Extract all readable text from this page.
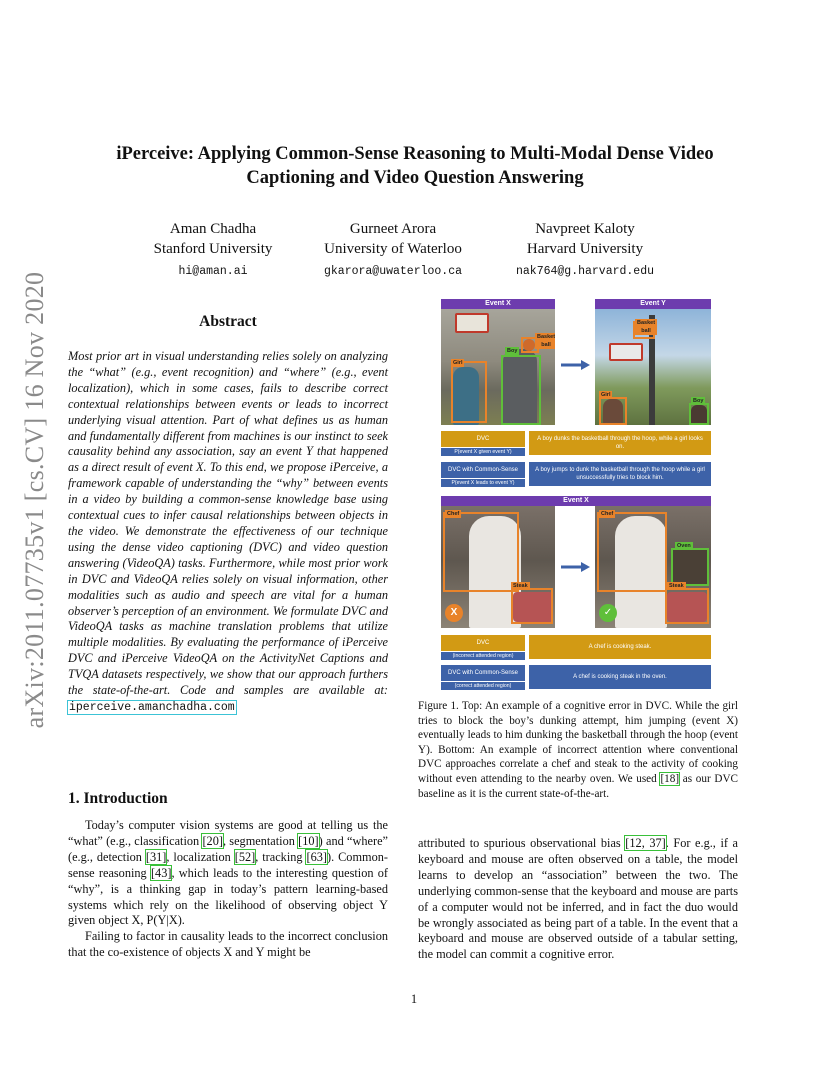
arXiv:2011.07735v1 [cs.CV] 16 Nov 2020
iPerceive: Applying Common-Sense Reasoning to Multi-Modal Dense Video
Captioning and Video Question Answering
Aman Chadha
Stanford University
hi@aman.ai
Gurneet Arora
University of Waterloo
gkarora@uwaterloo.ca
Navpreet Kaloty
Harvard University
nak764@g.harvard.edu
Abstract
Most prior art in visual understanding relies solely on analyzing the “what” (e.g., event recognition) and “where” (e.g., event localization), which in some cases, fails to describe correct contextual relationships between events or leads to incorrect underlying visual attention. Part of what defines us as human and fundamentally different from machines is our instinct to seek causality behind any association, say an event Y that happened as a direct result of event X. To this end, we propose iPerceive, a framework capable of understanding the “why” between events in a video by building a common-sense knowledge base using contextual cues to infer causal relationships between objects in the video. We demonstrate the effectiveness of our technique using the dense video captioning (DVC) and video question answering (VideoQA) tasks. Furthermore, while most prior work in DVC and VideoQA relies solely on visual information, other modalities such as audio and speech are vital for a human observer’s perception of an environment. We formulate DVC and VideoQA tasks as machine translation problems that utilize multiple modalities. By evaluating the performance of iPerceive DVC and iPerceive VideoQA on the ActivityNet Captions and TVQA datasets respectively, we show that our approach furthers the state-of-the-art. Code and samples are available at: iperceive.amanchadha.com
1. Introduction

Today’s computer vision systems are good at telling us the “what” (e.g., classification [20], segmentation [10]) and “where” (e.g., detection [31], localization [52], tracking [63]). Common-sense reasoning [43], which leads to the interesting question of “why”, is a thinking gap in today’s pattern learning-based systems which rely on the likelihood of observing object Y given object X, P(Y|X).

Failing to factor in causality leads to the incorrect conclusion that the co-existence of objects X and Y might be

attributed to spurious observational bias [12, 37]. For e.g., if a keyboard and mouse are often observed on a table, the model learns to develop an “association” between the two. The underlying common-sense that the keyboard and mouse are parts of a computer would not be inferred, and in fact the duo would be wrongly associated as being part of a table. In the event that a keyboard and mouse are observed outside of a tabular setting, the model can commit a cognitive error.
Event X	Event Y
Girl
Boy
Basket ball
Basket ball
Girl
Boy
DVC
P(event X given event Y)
A boy dunks the basketball through the hoop, while a girl looks on.
DVC with Common-Sense
P(event X leads to event Y)
A boy jumps to dunk the basketball through the hoop while a girl unsuccessfully tries to block him.
Event X
Chef
Steak
X
Chef
Oven
Steak
✓
DVC
(incorrect attended region)
A chef is cooking steak.
DVC with Common-Sense
(correct attended region)
A chef is cooking steak in the oven.
Figure 1. Top: An example of a cognitive error in DVC. While the girl tries to block the boy’s dunking attempt, him jumping (event X) eventually leads to him dunking the basketball through the hoop (event Y). Bottom: An example of incorrect attention where conventional DVC approaches correlate a chef and steak to the activity of cooking without even attending to the nearby oven. We used [18] as our DVC baseline as it is the current state-of-the-art.
1
